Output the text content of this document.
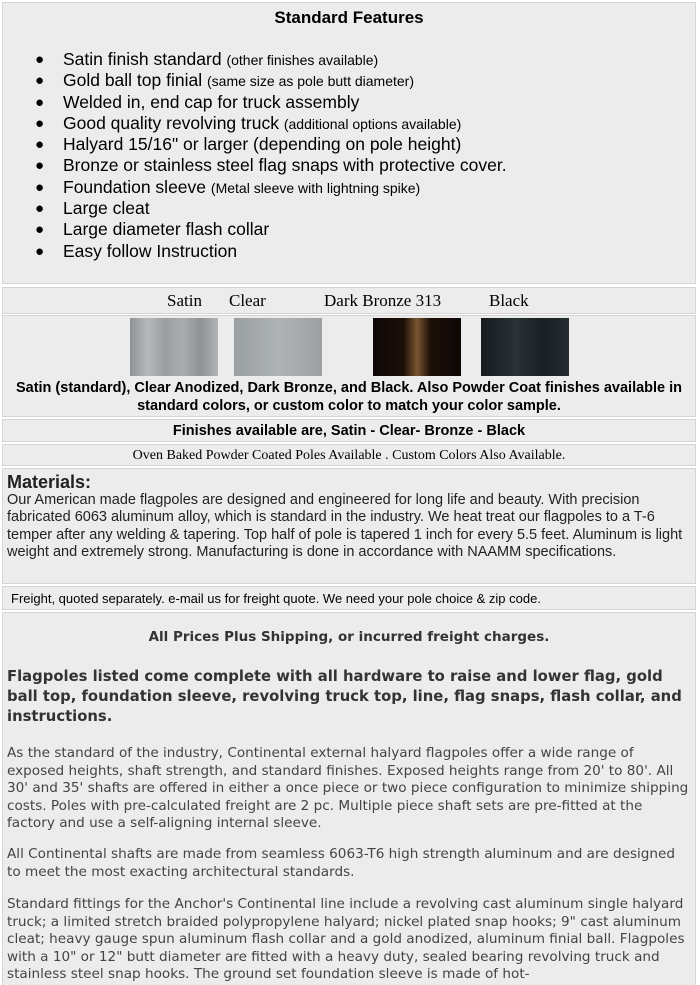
Standard Features
● Satin finish standard (other finishes available)
● Gold ball top finial (same size as pole butt diameter)
● Welded in, end cap for truck assembly
● Good quality revolving truck (additional options available)
● Halyard 15/16" or larger (depending on pole height)
● Bronze or stainless steel flag snaps with protective cover.
● Foundation sleeve (Metal sleeve with lightning spike)
● Large cleat
● Large diameter flash collar
● Easy follow Instruction
Satin Clear	Dark Bronze 313	Black
Satin (standard), Clear Anodized, Dark Bronze, and Black. Also Powder Coat finishes available in standard colors, or custom color to match your color sample.
Finishes available are, Satin - Clear- Bronze - Black
Oven Baked Powder Coated Poles Available . Custom Colors Also Available.
Materials:

Our American made flagpoles are designed and engineered for long life and beauty. With precision fabricated 6063 aluminum alloy, which is standard in the industry. We heat treat our flagpoles to a T-6 temper after any welding & tapering. Top half of pole is tapered 1 inch for every 5.5 feet. Aluminum is light weight and extremely strong. Manufacturing is done in accordance with NAAMM specifications.

Freight, quoted separately. e-mail us for freight quote. We need your pole choice & zip code.
All Prices Plus Shipping, or incurred freight charges.

Flagpoles listed come complete with all hardware to raise and lower flag, gold ball top, foundation sleeve, revolving truck top, line, flag snaps, flash collar, and instructions.

As the standard of the industry, Continental external halyard flagpoles offer a wide range of exposed heights, shaft strength, and standard finishes. Exposed heights range from 20' to 80'. All 30' and 35' shafts are offered in either a once piece or two piece configuration to minimize shipping costs. Poles with pre-calculated freight are 2 pc. Multiple piece shaft sets are pre-fitted at the factory and use a self-aligning internal sleeve.

All Continental shafts are made from seamless 6063-T6 high strength aluminum and are designed to meet the most exacting architectural standards.

Standard fittings for the Anchor's Continental line include a revolving cast aluminum single halyard truck; a limited stretch braided polypropylene halyard; nickel plated snap hooks; 9" cast aluminum cleat; heavy gauge spun aluminum flash collar and a gold anodized, aluminum finial ball. Flagpoles with a 10" or 12" butt diameter are fitted with a heavy duty, sealed bearing revolving truck and stainless steel snap hooks. The ground set foundation sleeve is made of hot-
